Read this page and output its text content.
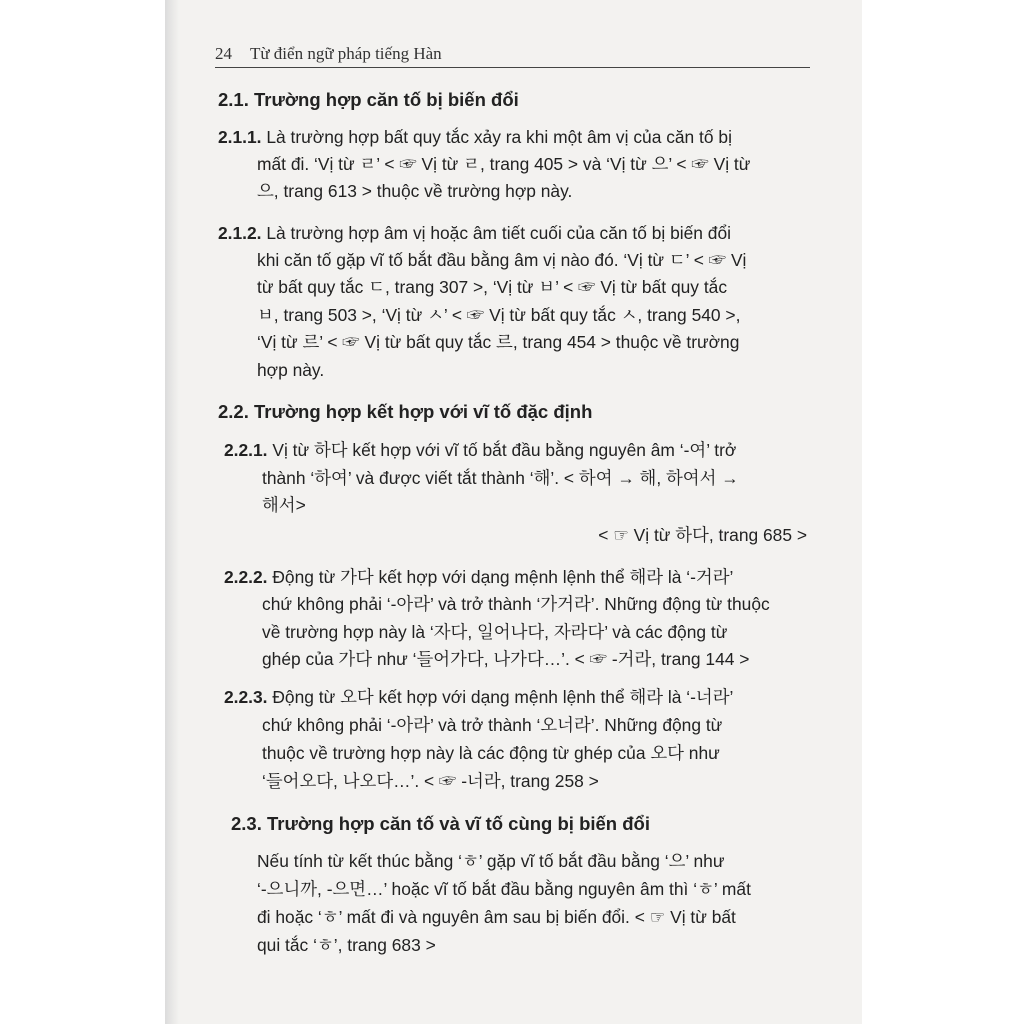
24 Từ điển ngữ pháp tiếng Hàn
2.1. Trường hợp căn tố bị biến đổi
2.1.1. Là trường hợp bất quy tắc xảy ra khi một âm vị của căn tố bị
mất đi. ‘Vị từ ㄹ’ < ☞ Vị từ ㄹ, trang 405 > và ‘Vị từ 으’ < ☞ Vị từ
으, trang 613 > thuộc về trường hợp này.
2.1.2. Là trường hợp âm vị hoặc âm tiết cuối của căn tố bị biến đổi
khi căn tố gặp vĩ tố bắt đầu bằng âm vị nào đó. ‘Vị từ ㄷ’ < ☞ Vị
từ bất quy tắc ㄷ, trang 307 >, ‘Vị từ ㅂ’ < ☞ Vị từ bất quy tắc
ㅂ, trang 503 >, ‘Vị từ ㅅ’ < ☞ Vị từ bất quy tắc ㅅ, trang 540 >,
‘Vị từ 르’ < ☞ Vị từ bất quy tắc 르, trang 454 > thuộc về trường
hợp này.
2.2. Trường hợp kết hợp với vĩ tố đặc định
2.2.1. Vị từ 하다 kết hợp với vĩ tố bắt đầu bằng nguyên âm ‘-여’ trở
thành ‘하여’ và được viết tắt thành ‘해’. < 하여 → 해, 하여서 →
해서>
< ☞ Vị từ 하다, trang 685 >
2.2.2. Động từ 가다 kết hợp với dạng mệnh lệnh thể 해라 là ‘-거라’
chứ không phải ‘-아라’ và trở thành ‘가거라’. Những động từ thuộc
về trường hợp này là ‘자다, 일어나다, 자라다’ và các động từ
ghép của 가다 như ‘들어가다, 나가다…’. < ☞ -거라, trang 144 >
2.2.3. Động từ 오다 kết hợp với dạng mệnh lệnh thể 해라 là ‘-너라’
chứ không phải ‘-아라’ và trở thành ‘오너라’. Những động từ
thuộc về trường hợp này là các động từ ghép của 오다 như
‘들어오다, 나오다…’. < ☞ -너라, trang 258 >
2.3. Trường hợp căn tố và vĩ tố cùng bị biến đổi
Nếu tính từ kết thúc bằng ‘ㅎ’ gặp vĩ tố bắt đầu bằng ‘으’ như
‘-으니까, -으면…’ hoặc vĩ tố bắt đầu bằng nguyên âm thì ‘ㅎ’ mất
đi hoặc ‘ㅎ’ mất đi và nguyên âm sau bị biến đổi. < ☞ Vị từ bất
qui tắc ‘ㅎ’, trang 683 >
